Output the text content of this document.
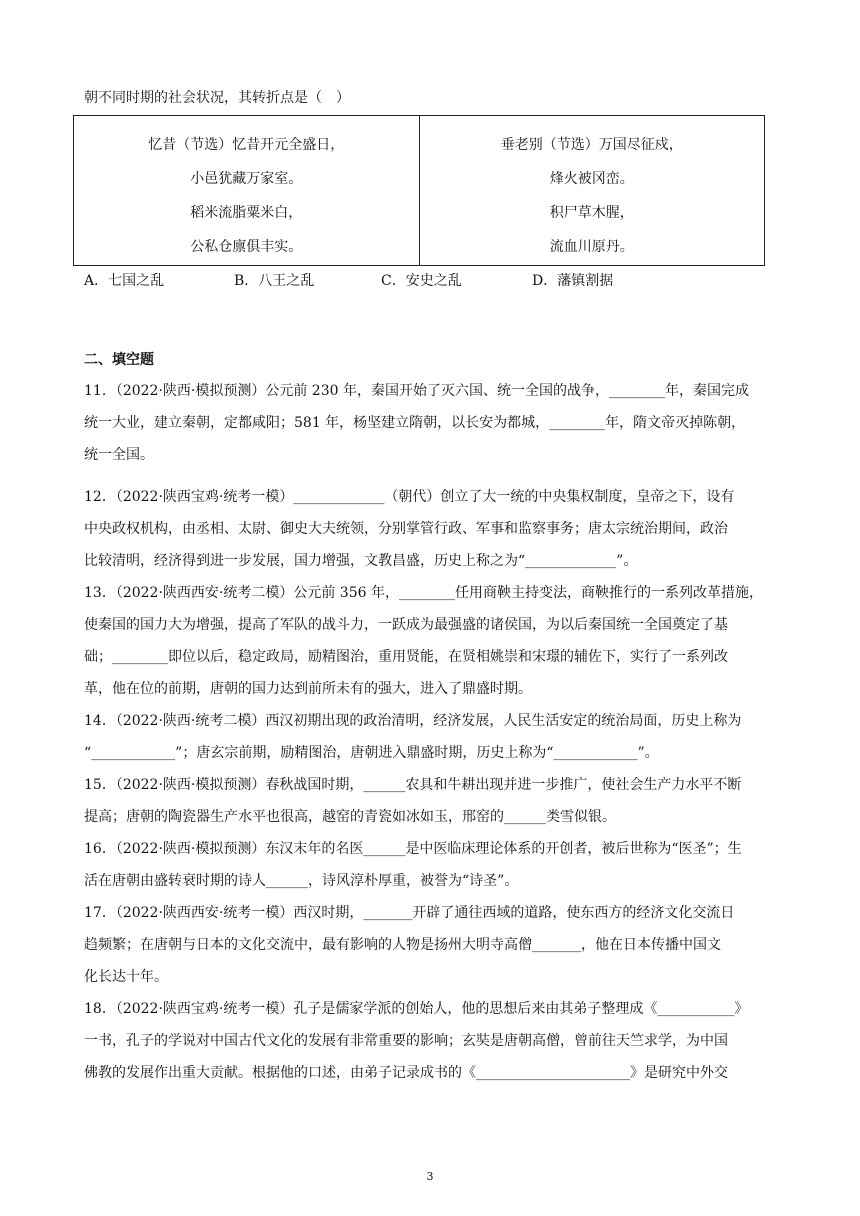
朝不同时期的社会状况，其转折点是（　）
忆昔（节选）忆昔开元全盛日，
小邑犹藏万家室。
稻米流脂粟米白，
公私仓廪俱丰实。

垂老别（节选）万国尽征戍，
烽火被冈峦。
积尸草木腥，
流血川原丹。
A．七国之乱	B．八王之乱	C．安史之乱	D．藩镇割据
二、填空题
11．（2022·陕西·模拟预测）公元前 230 年，秦国开始了灭六国、统一全国的战争，________年，秦国完成
统一大业，建立秦朝，定都咸阳；581 年，杨坚建立隋朝，以长安为都城，________年，隋文帝灭掉陈朝，
统一全国。
12．（2022·陕西宝鸡·统考一模）_____________（朝代）创立了大一统的中央集权制度，皇帝之下，设有
中央政权机构，由丞相、太尉、御史大夫统领，分别掌管行政、军事和监察事务；唐太宗统治期间，政治
比较清明，经济得到进一步发展，国力增强，文教昌盛，历史上称之为“_____________”。
13．（2022·陕西西安·统考二模）公元前 356 年，________任用商鞅主持变法，商鞅推行的一系列改革措施，
使秦国的国力大为增强，提高了军队的战斗力，一跃成为最强盛的诸侯国，为以后秦国统一全国奠定了基
础；________即位以后，稳定政局，励精图治，重用贤能，在贤相姚崇和宋璟的辅佐下，实行了一系列改
革，他在位的前期，唐朝的国力达到前所未有的强大，进入了鼎盛时期。
14．（2022·陕西·统考二模）西汉初期出现的政治清明，经济发展，人民生活安定的统治局面，历史上称为
“____________”；唐玄宗前期，励精图治，唐朝进入鼎盛时期，历史上称为“____________”。
15．（2022·陕西·模拟预测）春秋战国时期，______农具和牛耕出现并进一步推广，使社会生产力水平不断
提高；唐朝的陶瓷器生产水平也很高，越窑的青瓷如冰如玉，邢窑的______类雪似银。
16．（2022·陕西·模拟预测）东汉末年的名医______是中医临床理论体系的开创者，被后世称为“医圣”；生
活在唐朝由盛转衰时期的诗人______，诗风淳朴厚重，被誉为“诗圣”。
17．（2022·陕西西安·统考一模）西汉时期，_______开辟了通往西域的道路，使东西方的经济文化交流日
趋频繁；在唐朝与日本的文化交流中，最有影响的人物是扬州大明寺高僧_______，他在日本传播中国文
化长达十年。
18．（2022·陕西宝鸡·统考一模）孔子是儒家学派的创始人，他的思想后来由其弟子整理成《___________》
一书，孔子的学说对中国古代文化的发展有非常重要的影响；玄奘是唐朝高僧，曾前往天竺求学，为中国
佛教的发展作出重大贡献。根据他的口述，由弟子记录成书的《______________________》是研究中外交
3
